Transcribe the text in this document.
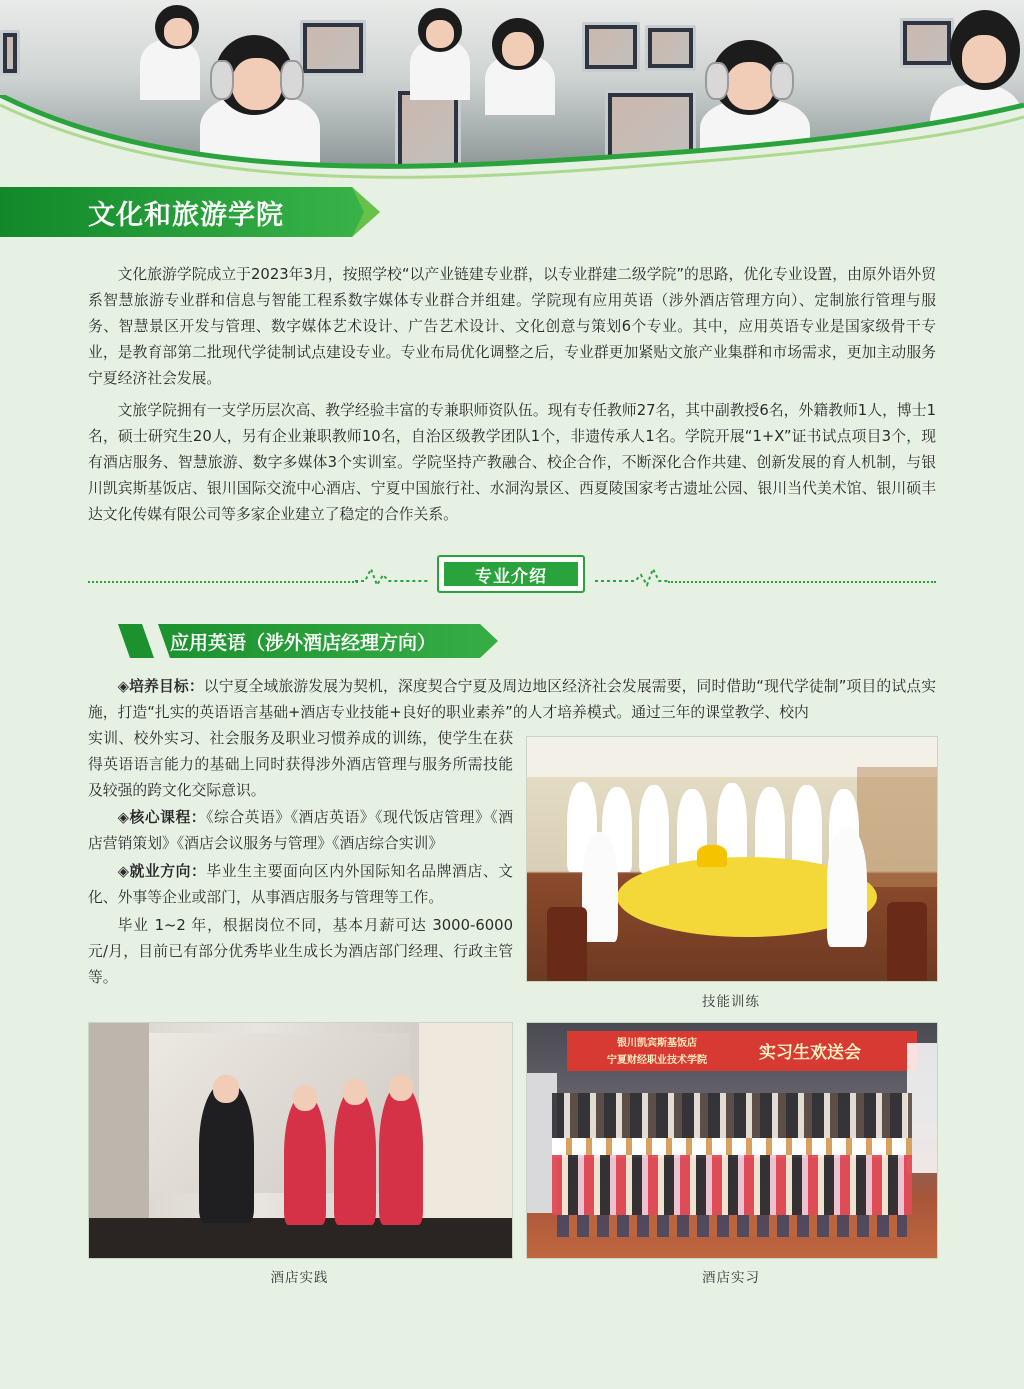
文化和旅游学院

文化旅游学院成立于2023年3月，按照学校“以产业链建专业群，以专业群建二级学院”的思路，优化专业设置，由原外语外贸系智慧旅游专业群和信息与智能工程系数字媒体专业群合并组建。学院现有应用英语（涉外酒店管理方向）、定制旅行管理与服务、智慧景区开发与管理、数字媒体艺术设计、广告艺术设计、文化创意与策划6个专业。其中，应用英语专业是国家级骨干专业，是教育部第二批现代学徒制试点建设专业。专业布局优化调整之后，专业群更加紧贴文旅产业集群和市场需求，更加主动服务宁夏经济社会发展。

文旅学院拥有一支学历层次高、教学经验丰富的专兼职师资队伍。现有专任教师27名，其中副教授6名，外籍教师1人，博士1名，硕士研究生20人，另有企业兼职教师10名，自治区级教学团队1个，非遗传承人1名。学院开展“1+X”证书试点项目3个，现有酒店服务、智慧旅游、数字多媒体3个实训室。学院坚持产教融合、校企合作，不断深化合作共建、创新发展的育人机制，与银川凯宾斯基饭店、银川国际交流中心酒店、宁夏中国旅行社、水洞沟景区、西夏陵国家考古遗址公园、银川当代美术馆、银川硕丰达文化传媒有限公司等多家企业建立了稳定的合作关系。

专业介绍
应用英语（涉外酒店经理方向）

◈培养目标：以宁夏全域旅游发展为契机，深度契合宁夏及周边地区经济社会发展需要，同时借助“现代学徒制”项目的试点实施，打造“扎实的英语语言基础+酒店专业技能+良好的职业素养”的人才培养模式。通过三年的课堂教学、校内

实训、校外实习、社会服务及职业习惯养成的训练，使学生在获得英语语言能力的基础上同时获得涉外酒店管理与服务所需技能及较强的跨文化交际意识。

◈核心课程：《综合英语》《酒店英语》《现代饭店管理》《酒店营销策划》《酒店会议服务与管理》《酒店综合实训》

◈就业方向：毕业生主要面向区内外国际知名品牌酒店、文化、外事等企业或部门，从事酒店服务与管理等工作。

毕业 1~2 年，根据岗位不同，基本月薪可达 3000-6000元/月，目前已有部分优秀毕业生成长为酒店部门经理、行政主管等。

技能训练
酒店实践
银川凯宾斯基饭店
宁夏财经职业技术学院	实习生欢送会
酒店实习
